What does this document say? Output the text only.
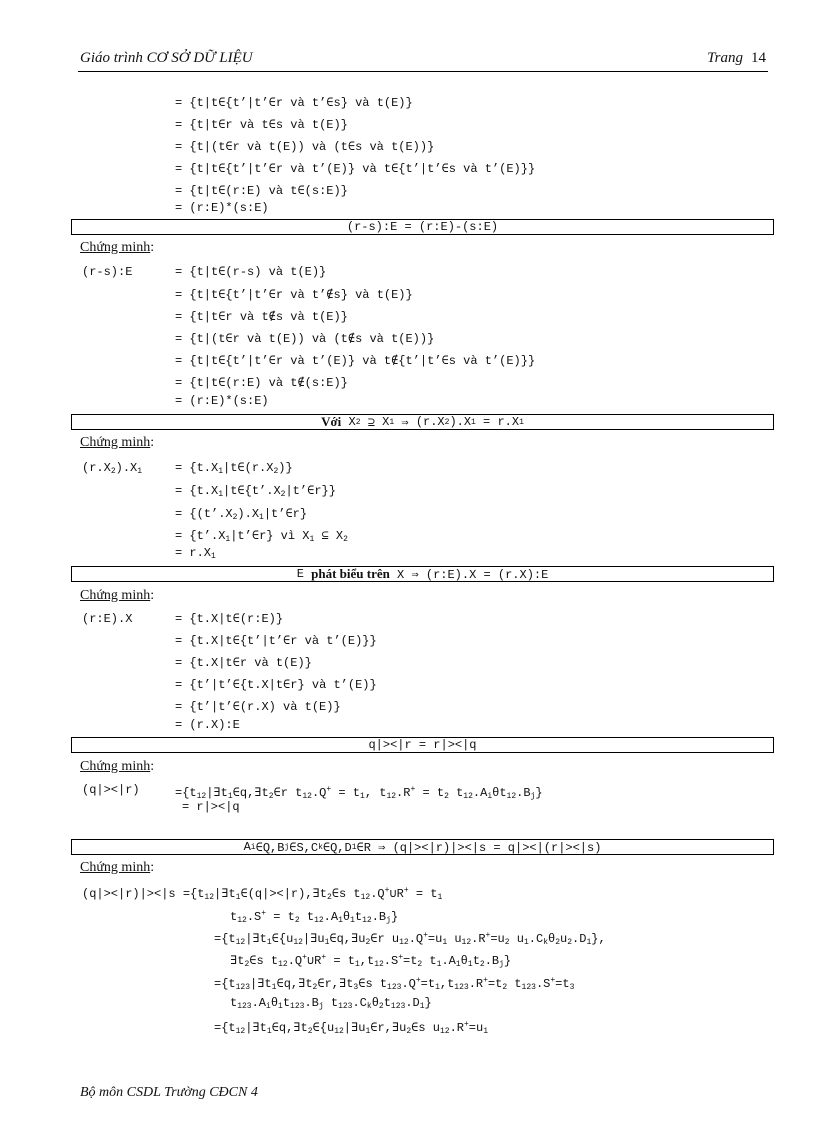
Giáo trình CƠ SỞ DỮ LIỆU	Trang 14
= {t|t∈{t’|t’∈r và t’∈s} và t(E)}
= {t|t∈r và t∈s và t(E)}
= {t|(t∈r và t(E)) và (t∈s và t(E))}
= {t|t∈{t’|t’∈r và t’(E)} và t∈{t’|t’∈s và t’(E)}}
= {t|t∈(r:E) và t∈(s:E)}
= (r:E)*(s:E)
(r-s):E = (r:E)-(s:E)
Chứng minh:
(r-s):E	= {t|t∈(r-s) và t(E)}
= {t|t∈{t’|t’∈r và t’∉s} và t(E)}
= {t|t∈r và t∉s và t(E)}
= {t|(t∈r và t(E)) và (t∉s và t(E))}
= {t|t∈{t’|t’∈r và t’(E)} và t∉{t’|t’∈s và t’(E)}}
= {t|t∈(r:E) và t∉(s:E)}
= (r:E)*(s:E)
Với
X 2
⊇
X 1
⇒
(r.X 2 ).X 1 = r.X 1
Chứng minh:
$(r.X_2).X_1$	= $\{t.X_1|t\in(r.X_2)\}$
= $\{t.X_1|t\in\{t’.X_2|t’\in r\}\}$
= $\{(t’.X_2).X_1|t’\in r\}$
= $\{t’.X_1|t’\in r\}$ vì $X_1$ ⊆ $X_2$
= $r.X_1$
E
phát biểu trên
X ⇒ (r:E).X = (r.X):E
Chứng minh:
(r:E).X	= {t.X|t∈(r:E)}
= {t.X|t∈{t’|t’∈r và t’(E)}}
= {t.X|t∈r và t(E)}
= {t’|t’∈{t.X|t∈r} và t’(E)}
= {t’|t’∈(r.X) và t(E)}
= (r.X):E
q|><|r = r|><|q
Chứng minh:
(q|><|r)	$=\{t_{12}|\exists t_1\in q,\exists t_2\in r$ $t_{12}.Q^+ = t_1$, $t_{12}.R^+ = t_2$ $t_{12}.A_i\theta t_{12}.B_j$}
= r|><|q
A i ∈Q,B j ∈S,C k ∈Q,D 1 ∈R ⇒ (q|><|r)|><|s = q|><|(r|><|s)
Chứng minh:
$(q|><|r)|><|s =\{t_{12}|\exists t_1\in(q|><|r),\exists t_2\in s$ $t_{12}.Q^+\cup R^+ = t_1$
$t_{12}.S^+ = t_2$ $t_{12}.A_1\theta_1t_{12}.B_j$}
$=\{t_{12}|\exists t_1\in\{u_{12}|\exists u_1\in q,\exists u_2\in r$ $u_{12}.Q^+=u_1$ $u_{12}.R^+=u_2$ $u_1.C_k\theta_2u_2.D_1$},
$\exists t_2\in s$ $t_{12}.Q^+\cup R^+ = t_1,t_{12}.S^+=t_2$ $t_1.A_1\theta_1t_2.B_j$}
$=\{t_{123}|\exists t_1\in q,\exists t_2\in r,\exists t_3\in s$ $t_{123}.Q^+=t_1,t_{123}.R^+=t_2$ $t_{123}.S^+=t_3$
$t_{123}.A_i\theta_1t_{123}.B_j$ $t_{123}.C_k\theta_2t_{123}.D_1$}
$=\{t_{12}|\exists t_1\in q,\exists t_2\in\{u_{12}|\exists u_1\in r,\exists u_2\in s$ $u_{12}.R^+=u_1$
Bộ môn CSDL Trường CĐCN 4
